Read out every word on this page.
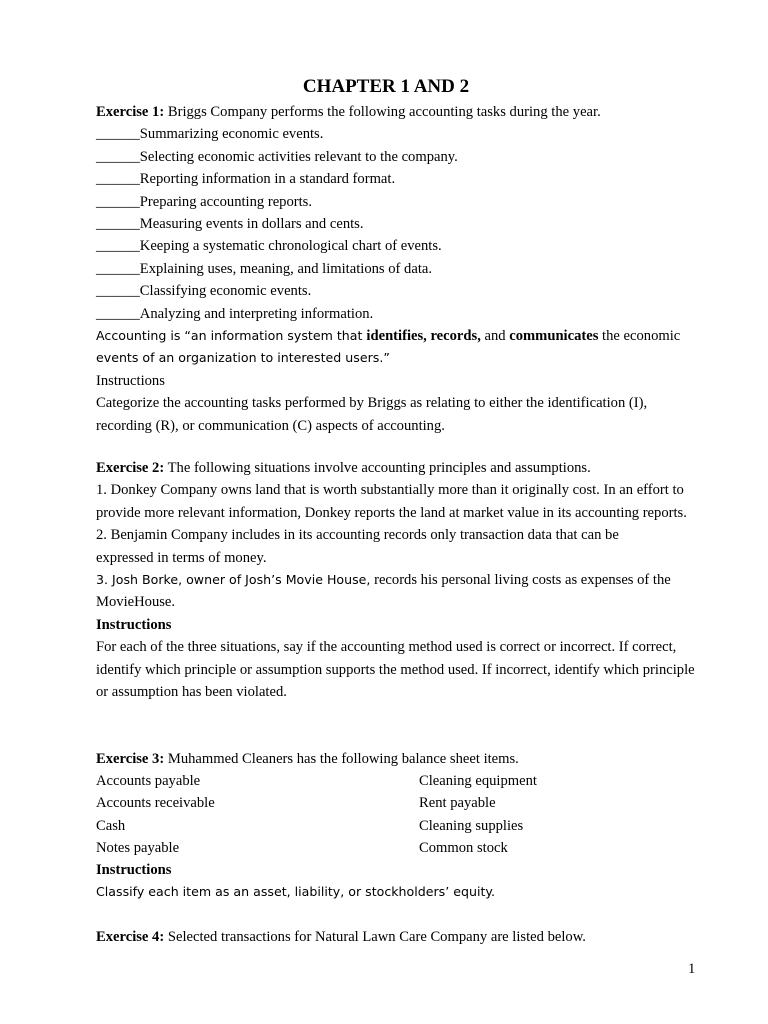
CHAPTER 1 AND 2
Exercise 1: Briggs Company performs the following accounting tasks during the year.
______Summarizing economic events.
______Selecting economic activities relevant to the company.
______Reporting information in a standard format.
______Preparing accounting reports.
______Measuring events in dollars and cents.
______Keeping a systematic chronological chart of events.
______Explaining uses, meaning, and limitations of data.
______Classifying economic events.
______Analyzing and interpreting information.
Accounting is “an information system that identifies, records, and communicates the economic
events of an organization to interested users.”
Instructions
Categorize the accounting tasks performed by Briggs as relating to either the identification (I), recording (R), or communication (C) aspects of accounting.
Exercise 2: The following situations involve accounting principles and assumptions.
1. Donkey Company owns land that is worth substantially more than it originally cost. In an effort to provide more relevant information, Donkey reports the land at market value in its accounting reports.
2. Benjamin Company includes in its accounting records only transaction data that can be expressed in terms of money.
3. Josh Borke, owner of Josh’s Movie House, records his personal living costs as expenses of the MovieHouse.
Instructions
For each of the three situations, say if the accounting method used is correct or incorrect. If correct, identify which principle or assumption supports the method used. If incorrect, identify which principle or assumption has been violated.
Exercise 3: Muhammed Cleaners has the following balance sheet items.
Accounts payable	Cleaning equipment
Accounts receivable	Rent payable
Cash	Cleaning supplies
Notes payable	Common stock
Instructions
Classify each item as an asset, liability, or stockholders’ equity.
Exercise 4: Selected transactions for Natural Lawn Care Company are listed below.
1
